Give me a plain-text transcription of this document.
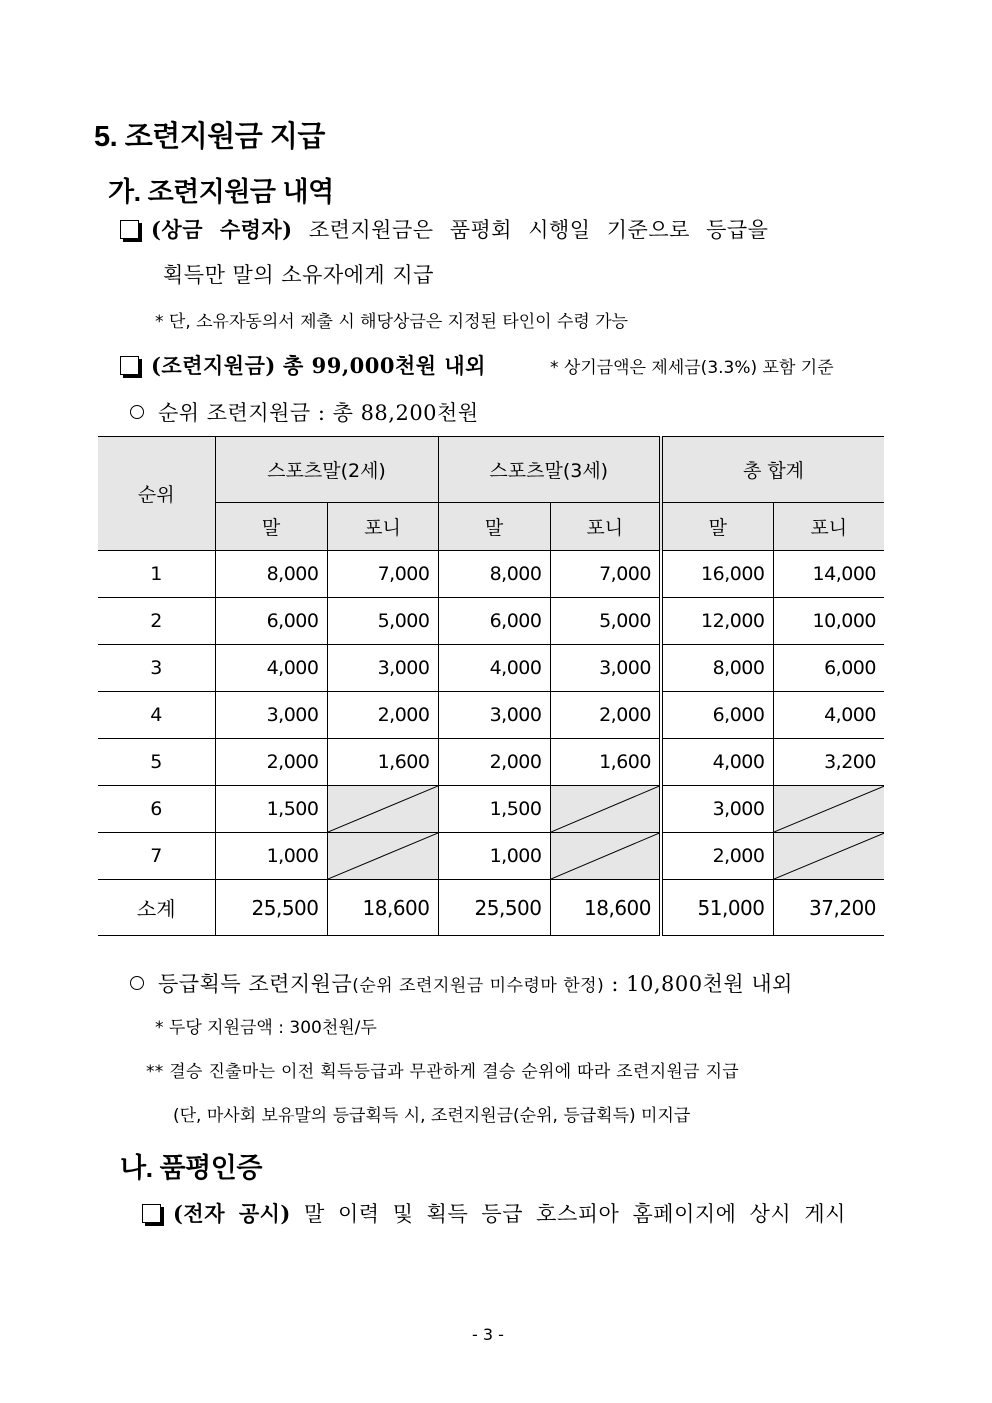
5. 조련지원금 지급
가. 조련지원금 내역
(상금 수령자) 조련지원금은 품평회 시행일 기준으로 등급을
획득만 말의 소유자에게 지급
* 단, 소유자동의서 제출 시 해당상금은 지정된 타인이 수령 가능
(조련지원금) 총 99,000천원 내외	* 상기금액은 제세금(3.3%) 포함 기준
순위 조련지원금 : 총 88,200천원
순위	스포츠말(2세)		스포츠말(3세)		총 합계	
	말	포니	말	포니	말	포니
1	8,000	7,000	8,000	7,000	16,000	14,000
2	6,000	5,000	6,000	5,000	12,000	10,000
3	4,000	3,000	4,000	3,000	8,000	6,000
4	3,000	2,000	3,000	2,000	6,000	4,000
5	2,000	1,600	2,000	1,600	4,000	3,200
6	1,500		1,500		3,000	

7	1,000		1,000		2,000	

소계	25,500	18,600	25,500	18,600	51,000	37,200
등급획득 조련지원금(순위 조련지원금 미수령마 한정) : 10,800천원 내외
* 두당 지원금액 : 300천원/두
** 결승 진출마는 이전 획득등급과 무관하게 결승 순위에 따라 조련지원금 지급
(단, 마사회 보유말의 등급획득 시, 조련지원금(순위, 등급획득) 미지급
나. 품평인증
(전자 공시) 말 이력 및 획득 등급 호스피아 홈페이지에 상시 게시
- 3 -
